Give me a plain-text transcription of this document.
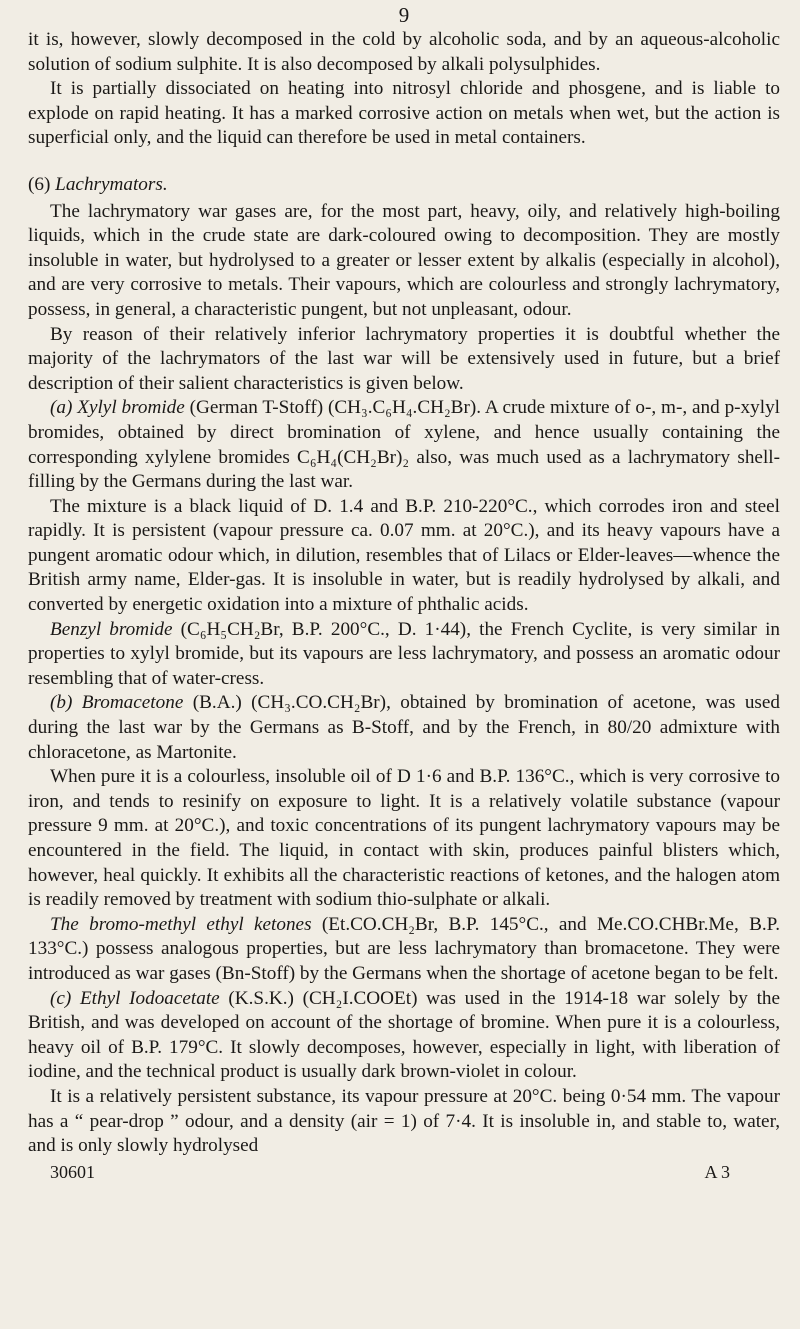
9

it is, however, slowly decomposed in the cold by alcoholic soda, and by an aqueous-alcoholic solution of sodium sulphite. It is also decomposed by alkali polysulphides.

It is partially dissociated on heating into nitrosyl chloride and phosgene, and is liable to explode on rapid heating. It has a marked corrosive action on metals when wet, but the action is superficial only, and the liquid can therefore be used in metal containers.

(6) Lachrymators.

The lachrymatory war gases are, for the most part, heavy, oily, and relatively high-boiling liquids, which in the crude state are dark-coloured owing to decomposition. They are mostly insoluble in water, but hydrolysed to a greater or lesser extent by alkalis (especially in alcohol), and are very corrosive to metals. Their vapours, which are colourless and strongly lachrymatory, possess, in general, a characteristic pungent, but not unpleasant, odour.

By reason of their relatively inferior lachrymatory properties it is doubtful whether the majority of the lachrymators of the last war will be extensively used in future, but a brief description of their salient characteristics is given below.

(a) Xylyl bromide (German T-Stoff) (CH₃.C₆H₄.CH₂Br). A crude mixture of o-, m-, and p-xylyl bromides, obtained by direct bromination of xylene, and hence usually containing the corresponding xylylene bromides C₆H₄(CH₂Br)₂ also, was much used as a lachrymatory shell-filling by the Germans during the last war.

The mixture is a black liquid of D. 1.4 and B.P. 210-220°C., which corrodes iron and steel rapidly. It is persistent (vapour pressure ca. 0.07 mm. at 20°C.), and its heavy vapours have a pungent aromatic odour which, in dilution, resembles that of Lilacs or Elder-leaves—whence the British army name, Elder-gas. It is insoluble in water, but is readily hydrolysed by alkali, and converted by energetic oxidation into a mixture of phthalic acids.

Benzyl bromide (C₆H₅CH₂Br, B.P. 200°C., D. 1·44), the French Cyclite, is very similar in properties to xylyl bromide, but its vapours are less lachrymatory, and possess an aromatic odour resembling that of water-cress.

(b) Bromacetone (B.A.) (CH₃.CO.CH₂Br), obtained by bromination of acetone, was used during the last war by the Germans as B-Stoff, and by the French, in 80/20 admixture with chloracetone, as Martonite.

When pure it is a colourless, insoluble oil of D 1·6 and B.P. 136°C., which is very corrosive to iron, and tends to resinify on exposure to light. It is a relatively volatile substance (vapour pressure 9 mm. at 20°C.), and toxic concentrations of its pungent lachrymatory vapours may be encountered in the field. The liquid, in contact with skin, produces painful blisters which, however, heal quickly. It exhibits all the characteristic reactions of ketones, and the halogen atom is readily removed by treatment with sodium thio-sulphate or alkali.

The bromo-methyl ethyl ketones (Et.CO.CH₂Br, B.P. 145°C., and Me.CO.CHBr.Me, B.P. 133°C.) possess analogous properties, but are less lachrymatory than bromacetone. They were introduced as war gases (Bn-Stoff) by the Germans when the shortage of acetone began to be felt.

(c) Ethyl Iodoacetate (K.S.K.) (CH₂I.COOEt) was used in the 1914-18 war solely by the British, and was developed on account of the shortage of bromine. When pure it is a colourless, heavy oil of B.P. 179°C. It slowly decomposes, however, especially in light, with liberation of iodine, and the technical product is usually dark brown-violet in colour.

It is a relatively persistent substance, its vapour pressure at 20°C. being 0·54 mm. The vapour has a “ pear-drop ” odour, and a density (air = 1) of 7·4. It is insoluble in, and stable to, water, and is only slowly hydrolysed

30601	A 3
